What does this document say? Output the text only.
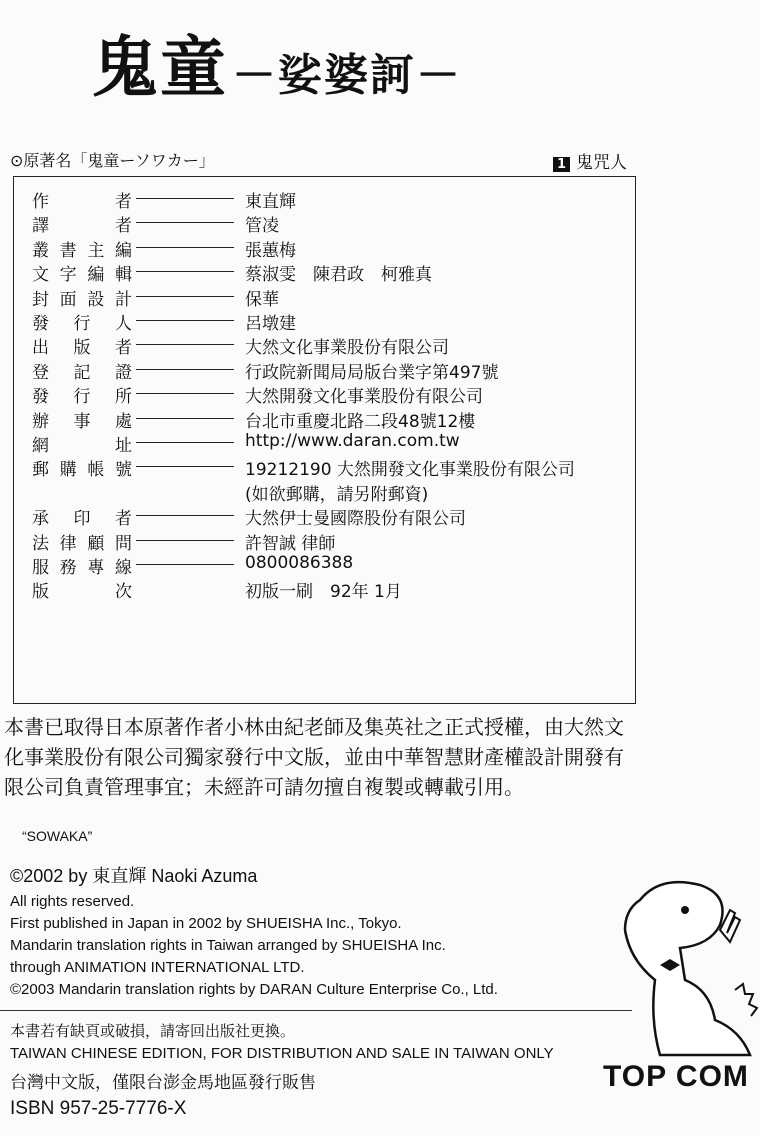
鬼童－娑婆訶－
⊙原著名「鬼童ーソワカー」	1 鬼咒人
作　者	東直輝
譯　者	管凌
叢書主編	張蕙梅
文字編輯	蔡淑雯　陳君政　柯雅真
封面設計	保華
發行人	呂墩建
出版者	大然文化事業股份有限公司
登記證	行政院新聞局局版台業字第497號
發行所	大然開發文化事業股份有限公司
辦事處	台北市重慶北路二段48號12樓
網　址	http://www.daran.com.tw
郵購帳號	19212190 大然開發文化事業股份有限公司
(如欲郵購，請另附郵資)
承印者	大然伊士曼國際股份有限公司
法律顧問	許智誠 律師
服務專線	0800086388
版　次	初版一刷　92年 1月
本書已取得日本原著作者小林由紀老師及集英社之正式授權，由大然文化事業股份有限公司獨家發行中文版，並由中華智慧財產權設計開發有限公司負責管理事宜；未經許可請勿擅自複製或轉載引用。
“SOWAKA”
©2002 by 東直輝 Naoki Azuma
All rights reserved.
First published in Japan in 2002 by SHUEISHA Inc., Tokyo.
Mandarin translation rights in Taiwan arranged by SHUEISHA Inc.
through ANIMATION INTERNATIONAL LTD.
©2003 Mandarin translation rights by DARAN Culture Enterprise Co., Ltd.
本書若有缺頁或破損，請寄回出版社更換。
TAIWAN CHINESE EDITION, FOR DISTRIBUTION AND SALE IN TAIWAN ONLY
台灣中文版，僅限台澎金馬地區發行販售
ISBN 957-25-7776-X
TOP COM
